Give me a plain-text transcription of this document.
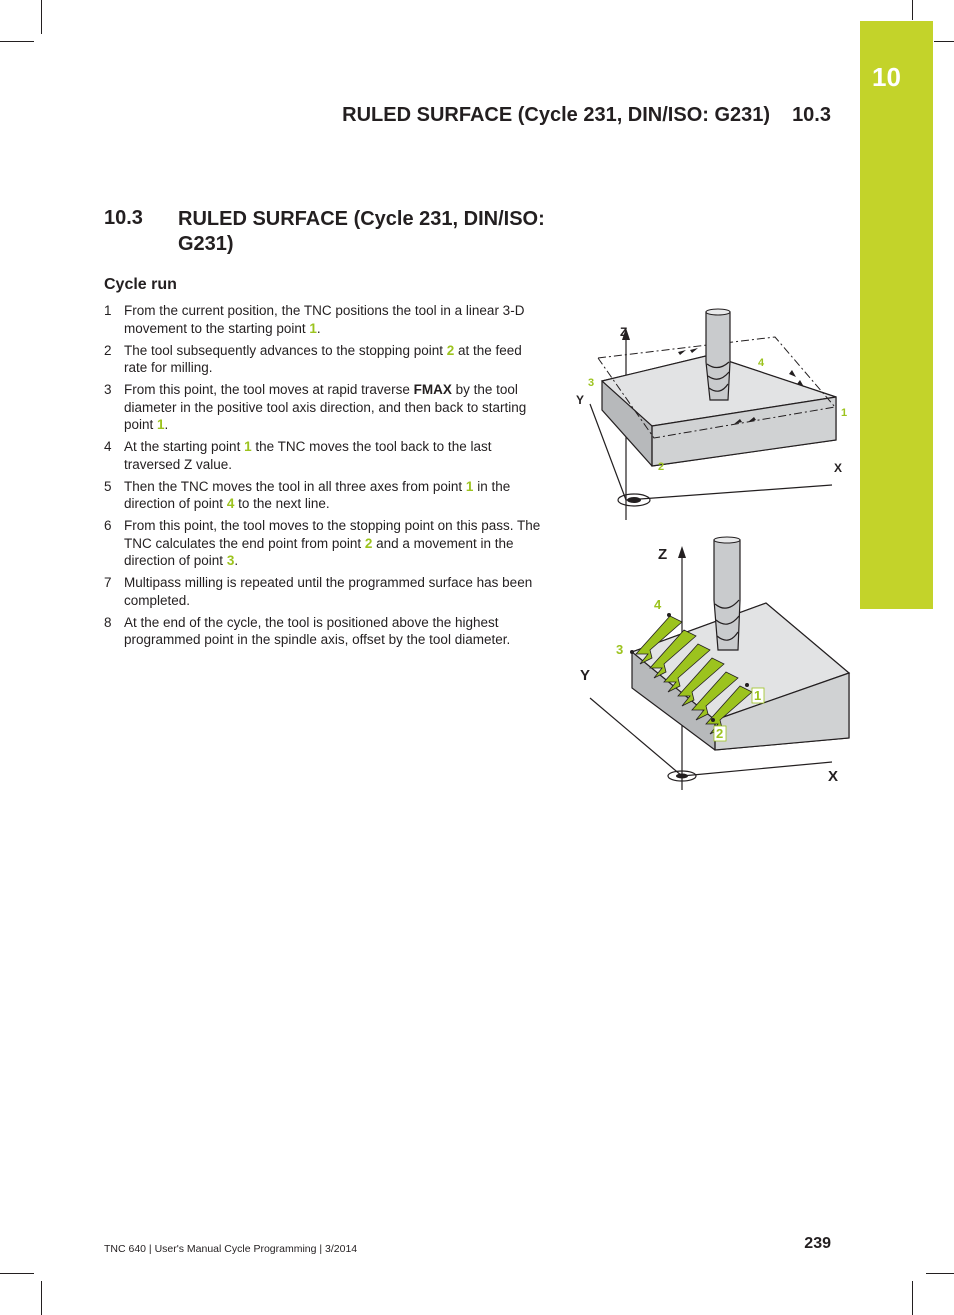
10
RULED SURFACE (Cycle 231, DIN/ISO: G231) 10.3
10.3 RULED SURFACE (Cycle 231, DIN/ISO: G231)
Cycle run
1 From the current position, the TNC positions the tool in a linear 3-D movement to the starting point 1.
2 The tool subsequently advances to the stopping point 2 at the feed rate for milling.
3 From this point, the tool moves at rapid traverse FMAX by the tool diameter in the positive tool axis direction, and then back to starting point 1.
4 At the starting point 1 the TNC moves the tool back to the last traversed Z value.
5 Then the TNC moves the tool in all three axes from point 1 in the direction of point 4 to the next line.
6 From this point, the tool moves to the stopping point on this pass. The TNC calculates the end point from point 2 and a movement in the direction of point 3.
7 Multipass milling is repeated until the programmed surface has been completed.
8 At the end of the cycle, the tool is positioned above the highest programmed point in the spindle axis, offset by the tool diameter.
Z
Y
X
3
4
1
2
Z
Y
X
4
3
1
2
TNC 640 | User's Manual Cycle Programming | 3/2014	239
